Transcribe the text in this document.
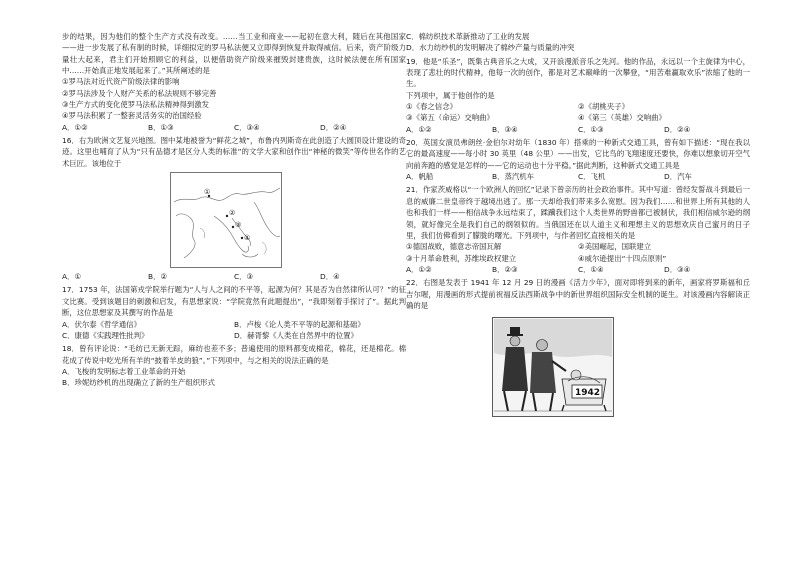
步的结果，因为他们的整个生产方式没有改变。……当工业和商业——起初在意大利，随后在其他国家——进一步发展了私有制的时候，详细拟定的罗马私法便又立即得到恢复并取得威信。后来，资产阶级力量壮大起来，君主们开始照顾它的利益，以便借助资产阶级来摧毁封建贵族，这时候法便在所有国家中……开始真正地发展起来了。”其所阐述的是

①罗马法对近代资产阶级法律的影响

②罗马法涉及个人财产关系的私法规则不够完善

③生产方式的变化使罗马法私法精神得到激发

④罗马法积累了一整套灵活务实的治国经验

A．①②	B．①③	C．③④	D．②④

16．右为欧洲文艺复兴地图。图中某地被誉为“鲜花之城”，布鲁内列斯奇在此创造了大圆顶设计建设的奇迹。这里也哺育了从为“只有品德才是区分人类的标准”的文学大家和创作出“神秘的微笑”等传世名作的艺术巨匠。该地位于

①
②
③
④
A．①	B．②	C．③	D．④

17．1753 年，法国第戎学院举行题为“人与人之间的不平等，起源为何？其是否为自然律所认可？”的征文比赛。受到该题目的刺激和启发，有思想家说：“学院竟然有此题提出”，“我即刻着手探讨了”。据此判断，这位思想家及其撰写的作品是

A．伏尔泰《哲学通信》	B．卢梭《论人类不平等的起源和基础》
C．康德《实践理性批判》	D．赫胥黎《人类在自然界中的位置》

18．曾有评论说：“毛纺已无新无踪，麻纺也差不多；普遍使用的原料都变成棉花，棉花，还是棉花。棉花成了传说中吃光所有羊的“披着羊皮的狼”。”下列项中，与之相关的说法正确的是

A．飞梭的发明标志着工业革命的开始

B．珍妮纺纱机的出现确立了新的生产组织形式

C．棉纺织技术革新推动了工业的发展

D．水力纺纱机的发明解决了棉纱产量与质量的冲突

19．他是“乐圣”，既集古典音乐之大成，又开浪漫派音乐之先河。他的作品，永远以一个主旋律为中心，表现了悲壮的时代精神，他每一次的创作，都是对艺术巅峰的一次攀登，“用苦难赢取欢乐”浓缩了他的一生。

下列项中，属于他创作的是

①《春之信念》	②《胡桃夹子》
③《第五（命运）交响曲》	④《第三（英雄）交响曲》
A．①②	B．③④	C．①③	D．②④

20．英国女演员弗朗丝·金伯尔对幼年（1830 年）搭乘的一种新式交通工具，曾有如下描述：“现在我以它的最高速度——每小时 30 英里（48 公里）——出发，它比鸟的飞翔速度还要快，你难以想象切开空气向前奔跑的感觉是怎样的——它的运动也十分平稳。”据此判断，这种新式交通工具是

A．帆船	B．蒸汽机车	C．飞机	D．汽车

21．作家茨威格以“一个欧洲人的回忆”记录下曾亲历的社会政治事件。其中写道：曾经发誓战斗到最后一息的威廉二世皇帝终于越境出逃了。那一天却给我们带来多么宽慰。因为我们……和世界上所有其他的人也和我们一样——相信战争永远结束了，蹂躏我们这个人类世界的野兽都已被制伏，我们相信威尔逊的纲领，就好像完全是我们自己的纲领似的。当俄国还在以人道主义和理想主义的思想欢庆自己蜜月的日子里，我们仿佛看到了朦胧的曙光。下列项中，与作者回忆直接相关的是

①德国战败，德意志帝国瓦解	②美国崛起，国联建立
③十月革命胜利，苏维埃政权建立	④威尔逊提出“十四点原则”
A．①②	B．②③	C．①④	D．③④

22．右图是发表于 1941 年 12 月 29 日的漫画《活力少年》，面对即将到来的新年，画家将罗斯福和丘吉尔喔，用漫画的形式提前祝福反法西斯战争中的新世界组织国际安全机制的诞生。对该漫画内容解读正确的是

1942
